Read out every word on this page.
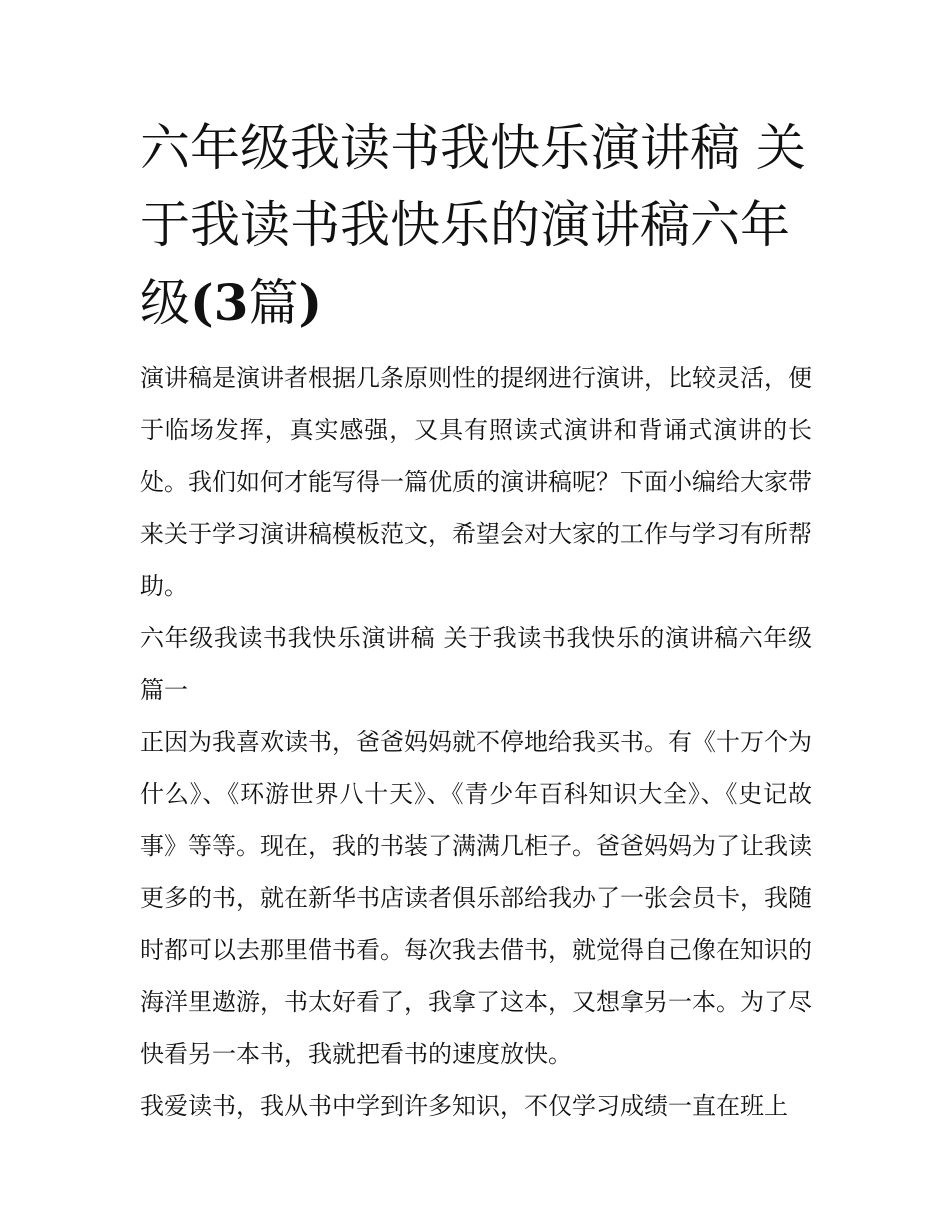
六年级我读书我快乐演讲稿 关于我读书我快乐的演讲稿六年级(3篇)

演讲稿是演讲者根据几条原则性的提纲进行演讲，比较灵活，便于临场发挥，真实感强，又具有照读式演讲和背诵式演讲的长处。我们如何才能写得一篇优质的演讲稿呢？下面小编给大家带来关于学习演讲稿模板范文，希望会对大家的工作与学习有所帮助。

六年级我读书我快乐演讲稿 关于我读书我快乐的演讲稿六年级篇一

正因为我喜欢读书，爸爸妈妈就不停地给我买书。有《十万个为什么》、《环游世界八十天》、《青少年百科知识大全》、《史记故事》等等。现在，我的书装了满满几柜子。爸爸妈妈为了让我读更多的书，就在新华书店读者俱乐部给我办了一张会员卡，我随时都可以去那里借书看。每次我去借书，就觉得自己像在知识的海洋里遨游，书太好看了，我拿了这本，又想拿另一本。为了尽快看另一本书，我就把看书的速度放快。

我爱读书，我从书中学到许多知识，不仅学习成绩一直在班上
